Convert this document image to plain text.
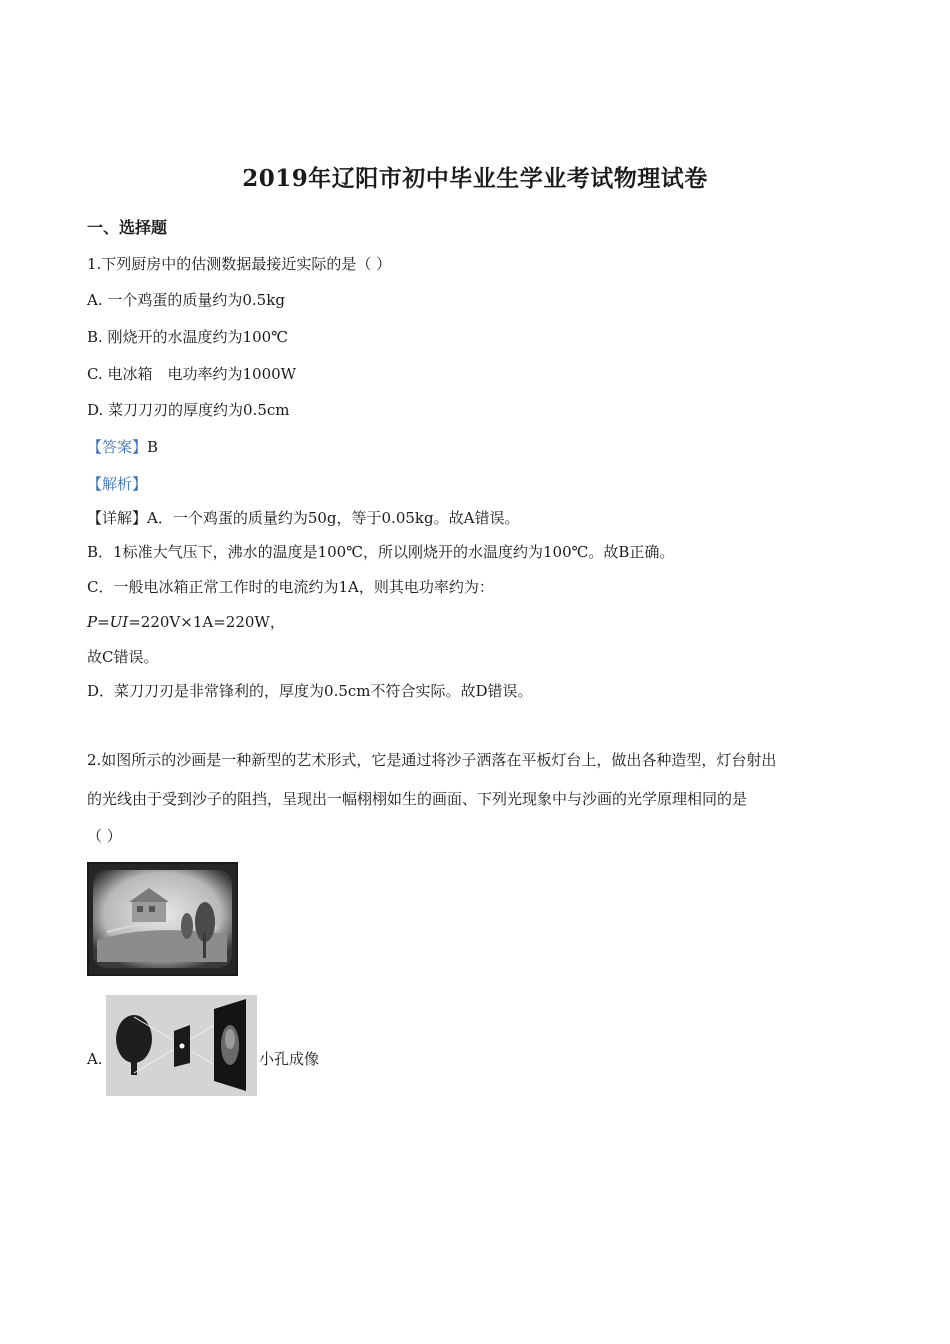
2019年辽阳市初中毕业生学业考试物理试卷
一、选择题
1.下列厨房中的估测数据最接近实际的是（ ）
A. 一个鸡蛋的质量约为0.5kg
B. 刚烧开的水温度约为100℃
C. 电冰箱　电功率约为1000W
D. 菜刀刀刃的厚度约为0.5cm
【答案】B
【解析】
【详解】A．一个鸡蛋的质量约为50g，等于0.05kg。故A错误。
B．1标准大气压下，沸水的温度是100℃，所以刚烧开的水温度约为100℃。故B正确。
C．一般电冰箱正常工作时的电流约为1A，则其电功率约为：
P=UI=220V×1A=220W，
故C错误。
D．菜刀刀刃是非常锋利的，厚度为0.5cm不符合实际。故D错误。
2.如图所示的沙画是一种新型的艺术形式，它是通过将沙子洒落在平板灯台上，做出各种造型，灯台射出
的光线由于受到沙子的阻挡，呈现出一幅栩栩如生的画面、下列光现象中与沙画的光学原理相同的是
（ ）
A.	小孔成像
